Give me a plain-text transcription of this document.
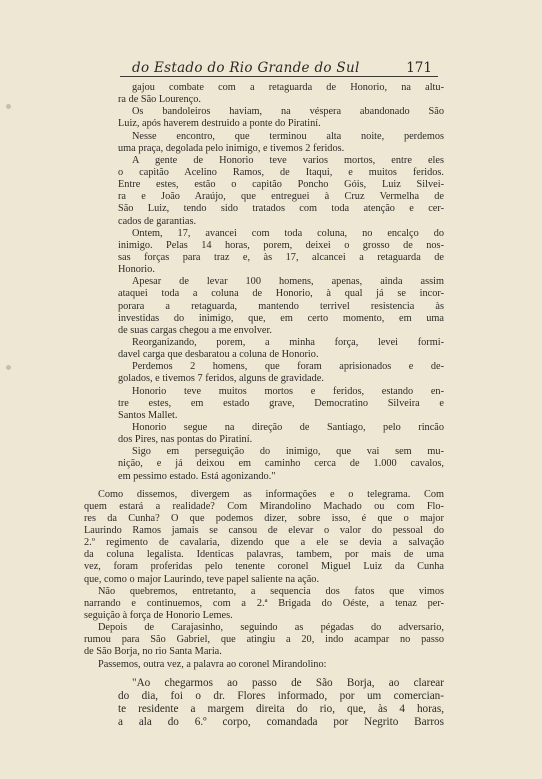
do Estado do Rio Grande do Sul	171
gajou combate com a retaguarda de Honorio, na altu-
ra de São Lourenço.
Os bandoleiros haviam, na véspera abandonado São
Luiz, após haverem destruido a ponte do Piratiní.
Nesse encontro, que terminou alta noite, perdemos
uma praça, degolada pelo inimigo, e tivemos 2 feridos.
A gente de Honorio teve varios mortos, entre eles
o capitão Acelino Ramos, de Itaqui, e muitos feridos.
Entre estes, estão o capitão Poncho Góis, Luiz Silvei-
ra e João Araújo, que entreguei à Cruz Vermelha de
São Luiz, tendo sido tratados com toda atenção e cer-
cados de garantias.
Ontem, 17, avancei com toda coluna, no encalço do
inimigo. Pelas 14 horas, porem, deixei o grosso de nos-
sas forças para traz e, às 17, alcancei a retaguarda de
Honorio.
Apesar de levar 100 homens, apenas, ainda assim
ataquei toda a coluna de Honorio, à qual já se incor-
porara a retaguarda, mantendo terrivel resistencia às
investidas do inimigo, que, em certo momento, em uma
de suas cargas chegou a me envolver.
Reorganizando, porem, a minha força, levei formi-
davel carga que desbaratou a coluna de Honorio.
Perdemos 2 homens, que foram aprisionados e de-
golados, e tivemos 7 feridos, alguns de gravidade.
Honorio teve muitos mortos e feridos, estando en-
tre estes, em estado grave, Democratino Silveira e
Santos Mallet.
Honorio segue na direção de Santiago, pelo rincão
dos Pires, nas pontas do Piratiní.
Sigo em perseguição do inimigo, que vai sem mu-
nição, e já deixou em caminho cerca de 1.000 cavalos,
em pessimo estado. Está agonizando."
Como dissemos, divergem as informações e o telegrama. Com
quem estará a realidade? Com Mirandolino Machado ou com Flo-
res da Cunha? O que podemos dizer, sobre isso, é que o major
Laurindo Ramos jamais se cansou de elevar o valor do pessoal do
2.º regimento de cavalaria, dizendo que a ele se devia a salvação
da coluna legalista. Identicas palavras, tambem, por mais de uma
vez, foram proferidas pelo tenente coronel Miguel Luiz da Cunha
que, como o major Laurindo, teve papel saliente na ação.
Não quebremos, entretanto, a sequencia dos fatos que vimos
narrando e continuemos, com a 2.ª Brigada do Oéste, a tenaz per-
seguição à força de Honorio Lemes.
Depois de Carajasinho, seguindo as pégadas do adversario,
rumou para São Gabriel, que atingiu a 20, indo acampar no passo
de São Borja, no rio Santa Maria.
Passemos, outra vez, a palavra ao coronel Mirandolino:
"Ao chegarmos ao passo de São Borja, ao clarear
do dia, foi o dr. Flores informado, por um comercian-
te residente a margem direita do rio, que, às 4 horas,
a ala do 6.º corpo, comandada por Negrito Barros
